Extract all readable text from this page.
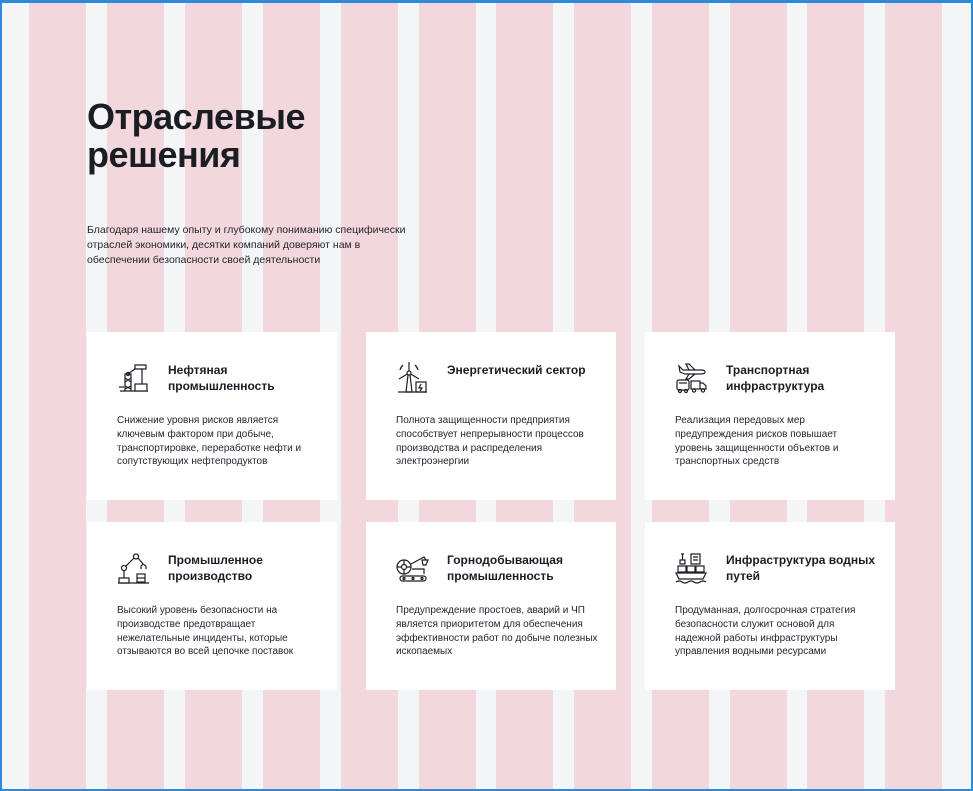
Отраслевые решения

Благодаря нашему опыту и глубокому пониманию специфически отраслей экономики, десятки компаний доверяют нам в обеспечении безопасности своей деятельности

Нефтяная промышленность
Снижение уровня рисков является ключевым фактором при добыче, транспортировке, переработке нефти и сопутствующих нефтепродуктов
Энергетический сектор
Полнота защищенности предприятия способствует непрерывности процессов производства и распределения электроэнергии
Транспортная инфраструктура
Реализация передовых мер предупреждения рисков повышает уровень защищенности объектов и транспортных средств
Промышленное производство
Высокий уровень безопасности на производстве предотвращает нежелательные инциденты, которые отзываются во всей цепочке поставок
Горнодобывающая промышленность
Предупреждение простоев, аварий и ЧП является приоритетом для обеспечения эффективности работ по добыче полезных ископаемых
Инфраструктура водных путей
Продуманная, долгосрочная стратегия безопасности служит основой для надежной работы инфраструктуры управления водными ресурсами
